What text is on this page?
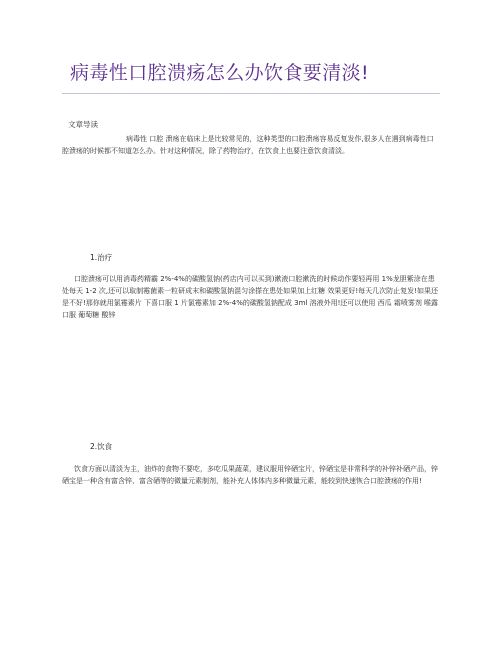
病毒性口腔溃疡怎么办饮食要清淡!
文章导读
病毒性 口腔 溃疡在临床上是比较常见的，这种类型的口腔溃疡容易反复发作,很多人在遇到病毒性口腔溃疡的时候都不知道怎么办。针对这种情况，除了药物治疗，在饮食上也要注意饮食清淡。
1.治疗
口腔溃疡可以用消毒药精霸 2%-4%的碳酸氢钠(药店内可以买到)漱液口腔漱洗的时候动作要轻再用 1%龙胆紫涂在患处每天 1-2 次,还可以取制霉菌素一粒研成末和碳酸氢钠混匀涂搽在患处如果加上红糖 效果更好!每天几次防止复发!如果还是不好!那你就用氯霉素片 下喜口服 1 片氯霉素加 2%-4%的碳酸氢钠配成 3ml 溶液外用!还可以使用 西瓜 霜喷雾剂 喉露口服 葡萄糖 酸锌
2.饮食
饮食方面以清淡为主，油炸的食物不要吃，多吃瓜果蔬菜，建议服用锌硒宝片，锌硒宝是非常科学的补锌补硒产品，锌硒宝是一种含有富含锌、富含硒等的微量元素制剂，能补充人体体内多种微量元素，能较到快速恢合口腔溃疡的作用!
